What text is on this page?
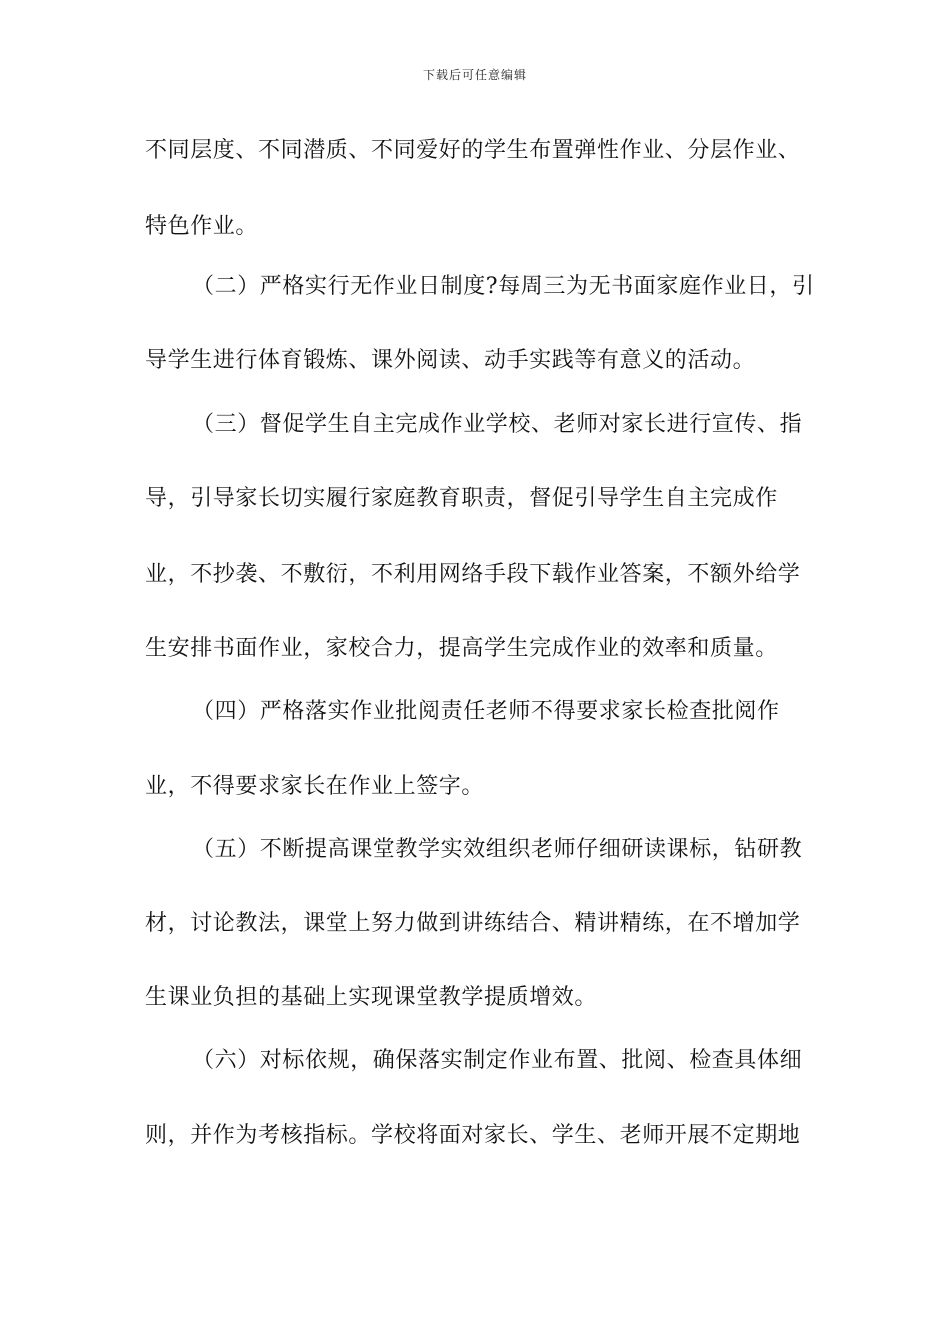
下载后可任意编辑
不同层度、不同潜质、不同爱好的学生布置弹性作业、分层作业、
特色作业。
（二）严格实行无作业日制度?每周三为无书面家庭作业日，引
导学生进行体育锻炼、课外阅读、动手实践等有意义的活动。
（三）督促学生自主完成作业学校、老师对家长进行宣传、指
导，引导家长切实履行家庭教育职责，督促引导学生自主完成作
业，不抄袭、不敷衍，不利用网络手段下载作业答案，不额外给学
生安排书面作业，家校合力，提高学生完成作业的效率和质量。
（四）严格落实作业批阅责任老师不得要求家长检查批阅作
业，不得要求家长在作业上签字。
（五）不断提高课堂教学实效组织老师仔细研读课标，钻研教
材，讨论教法，课堂上努力做到讲练结合、精讲精练，在不增加学
生课业负担的基础上实现课堂教学提质增效。
（六）对标依规，确保落实制定作业布置、批阅、检查具体细
则，并作为考核指标。学校将面对家长、学生、老师开展不定期地
